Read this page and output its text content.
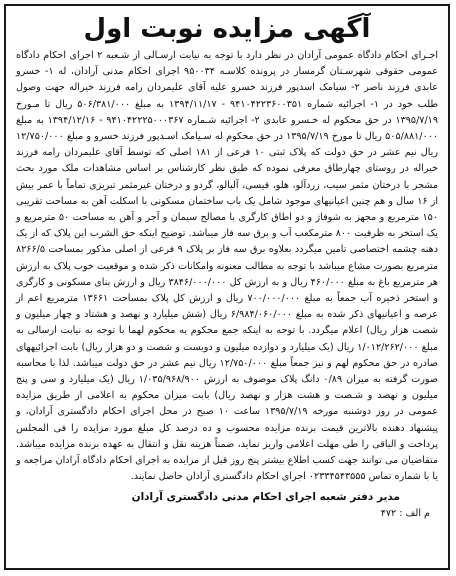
آگهی مزایده نوبت اول

اجـرای احکام دادگاه عمومی آرادان در نظر دارد با توجه به نیابت ارسـالی از شـعبه ۲ اجرای احکام دادگاه عمومی حقوقی شهرسـتان گرمسار در پرونده کلاسـه ۹۵۰۰۳۴ اجرای احکام مدنی آرادان، له ۱- خسرو عابدی فرزند ناصر ۲- سیامک اسدپور فرزند خسرو علیه آقای علیمردان رامه فرزند خیراله جهت وصول طلب خود در ۱- اجرائیه شماره ۹۴۱۰۴۲۲۳۶۰۰۳۵۱ - ۱۳۹۴/۱۱/۱۷ به مبلغ ۵۰۶/۳۸۱/۰۰۰ ریال تا مـورخ ۱۳۹۵/۷/۱۹ در حق محکوم له خـسرو عابدی ۲- اجرائیه شـماره ۹۴۱۰۴۲۲۲۵۰۰۰۳۶۷ - ۱۳۹۴/۱۲/۱۶ به مبلغ ۵۰۵/۸۸۱/۰۰۰ ریال تا مورخ ۱۳۹۵/۷/۱۹ در حق محکوم له سـیامک اسـدپور فرزند خسرو و مبلغ ۱۲/۷۵۰/۰۰۰ ریال نیم عشر در حق دولت که پلاک ثبتی ۱۰ فرعی از ۱۸۱ اصلی که توسط آقای علیمردان رامه فرزند خیراله در روستای چهارطاق معرفی نموده که طبق نظر کارشناس بر اساس مشاهدات ملک مورد بحث مشجر با درختان مثمر سیب، زردآلو، هلو، قیسی، آلبالو، گردو و درختان غیرمثمر تبریزی تماماً با عمر بیش از ۱۶ سال و هم چنین اعیانیهای موجود شامل یک باب ساختمان مسکونی با اسکلت آهن به مساحت تقریبی ۱۵۰ مترمربع و مجهز به شوفاژ و دو اطاق کارگری با مصالح سیمان و آجر و آهن به مساحت ۵۰ مترمربع و یک استخر به ظرفیت ۸۰۰ مترمکعب آب و برق سه فاز میباشد. توضیح اینکه حق الشرب این پلاک که از یک دهنه چشمه اختصاصی تامین میگردد بعلاوه برق سه فاز بر پلاک ۹ فرعی از اصلی مذکور بمساحت ۸۲۶۶/۵ مترمربع بصورت مشاع میباشد با توجه به مطالب معنونه وامکانات ذکر شده و موقعیت خوب پلاک به ارزش هر مترمربع باغ به مبلغ ۴۶۰/۰۰۰ ریال و به ارزش کل ۳۸۴۶/۰۰۰/۰۰۰ ریال و ارزش بنای مسکونی و کارگری و استخر ذخیره آب جمعاً به مبلغ ۷۰۰/۰۰۰/۰۰۰ ریال و ارزش کل پلاک بمساحت ۱۳۶۶۱ مترمربع اعم از عرصه و اعیانیهای ذکر شده به مبلغ ۶/۹۸۴/۰۶۰/۰۰۰ ریال (شش میلیارد و نهصد و هشتاد و چهار میلیون و شصت هزار ریال) اعلام میگردد. با توجه به اینکه جمع محکوم به محکوم لهما با توجه به نیابت ارسالی به مبلغ ۱/۰۱۲/۲۶۲/۰۰۰ ریال (یک میلیارد و دوازده میلیون و دویست و شصت و دو هزار ریال) بابت اجرائیههای صادره در حق محکوم لهم و نیز جمعاً مبلغ ۱۲/۷۵۰/۰۰۰ ریال نیم عشر در حق دولت میباشد. لذا با محاسبه صورت گرفته به میزان ۰/۸۹ دانگ پلاک موصوف به ارزش ۱/۰۳۵/۹۶۸/۹۰۰ ریال (یک میلیارد و سی و پنج میلیون و نهصد و شـصت و هشت هزار و نهصد ریال) بابت میزان محکوم به اعلامی از طریق مزایده عمومی در روز دوشنبه مورخه ۱۳۹۵/۷/۱۹ ساعت ۱۰ صبح در محل اجرای احکام دادگستری آرادان، و پیشنهاد دهنده بالاترین قیمت برنده مزایده محسوب و ده درصد کل مبلغ مورد مزایده را فی المجلس پرداخت و الباقی را طی مهلت اعلامی واریز نماید، ضمناً هزینه نقل و انتقال به عهده برنده مزایده میباشد. متقاضیان می توانند جهت کسب اطلاع بیشتر پنج روز قبل از مزایده به اجرای احکام دادگاه آرادان مراجعه و یا با شماره تماس ۰۲۳۳۴۵۴۳۵۵۵ اجرای احکام دادگستری آرادان حاصل نمایند.

مدیر دفتر شعبه اجرای احکام مدنی دادگستری آرادان
م الف : ۴۷۲
